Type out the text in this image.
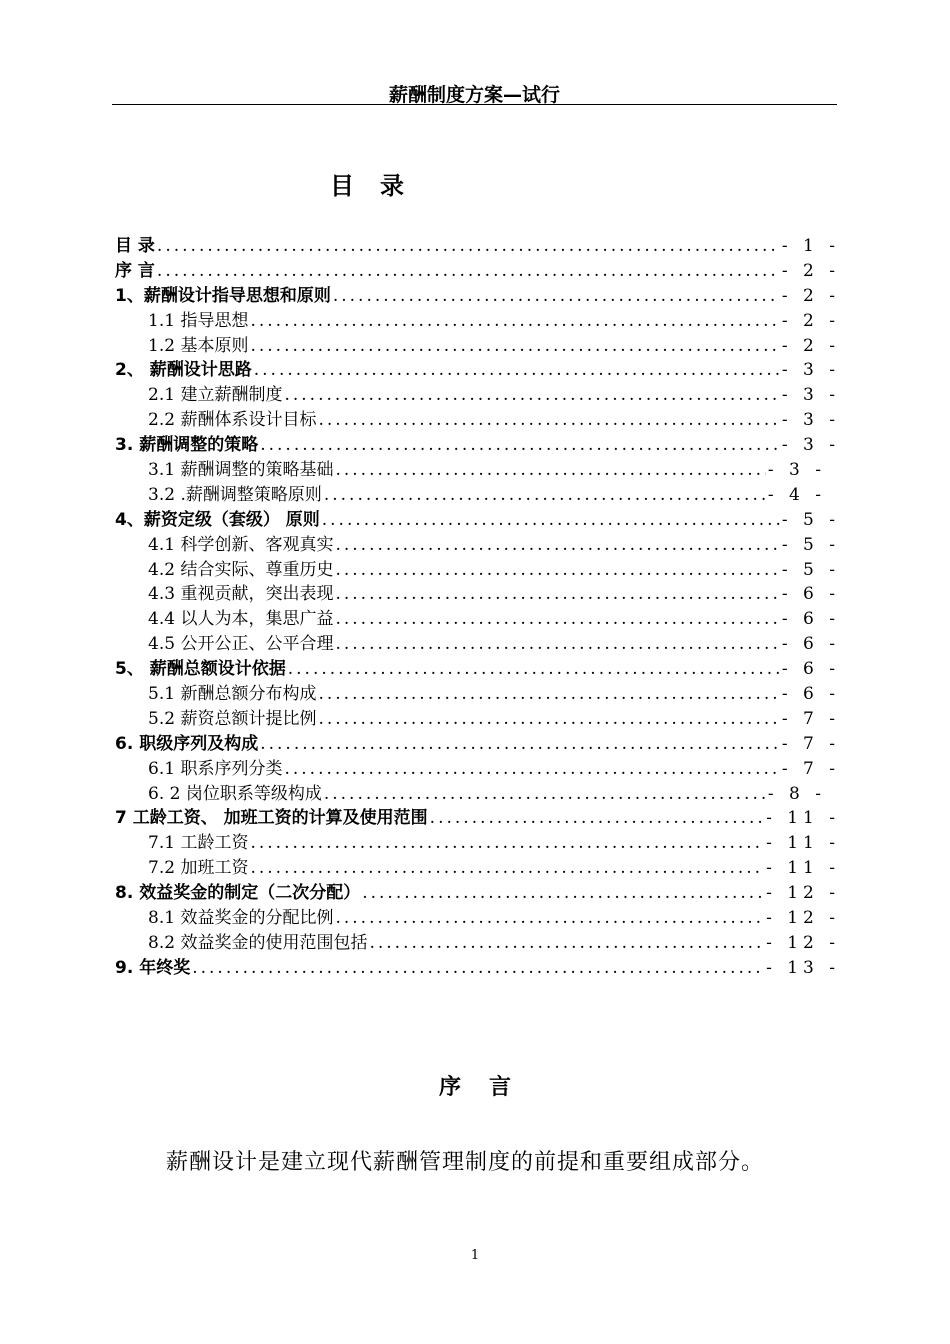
薪酬制度方案—试行
目录
目 录 .....	- 1 -
序 言 .....	- 2 -
1、薪酬设计指导思想和原则 .....	- 2 -
1.1 指导思想 .....	- 2 -
1.2 基本原则 .....	- 2 -
2、 薪酬设计思路 .....	- 3 -
2.1 建立薪酬制度 .....	- 3 -
2.2 薪酬体系设计目标 .....	- 3 -
3. 薪酬调整的策略 .....	- 3 -
3.1 薪酬调整的策略基础 .....	- 3 -
3.2 .薪酬调整策略原则 .....	- 4 -
4、薪资定级（套级） 原则 .....	- 5 -
4.1 科学创新、客观真实 .....	- 5 -
4.2 结合实际、尊重历史 .....	- 5 -
4.3 重视贡献，突出表现 .....	- 6 -
4.4 以人为本，集思广益 .....	- 6 -
4.5 公开公正、公平合理 .....	- 6 -
5、 薪酬总额设计依据 .....	- 6 -
5.1 新酬总额分布构成 .....	- 6 -
5.2 薪资总额计提比例 .....	- 7 -
6. 职级序列及构成 .....	- 7 -
6.1 职系序列分类 .....	- 7 -
6. 2 岗位职系等级构成 .....	- 8 -
7 工龄工资、 加班工资的计算及使用范围 .....	- 11 -
7.1 工龄工资 .....	- 11 -
7.2 加班工资 .....	- 11 -
8. 效益奖金的制定（二次分配） .....	- 12 -
8.1 效益奖金的分配比例 .....	- 12 -
8.2 效益奖金的使用范围包括 .....	- 12 -
9. 年终奖 .....	- 13 -
序言
薪酬设计是建立现代薪酬管理制度的前提和重要组成部分。
1
